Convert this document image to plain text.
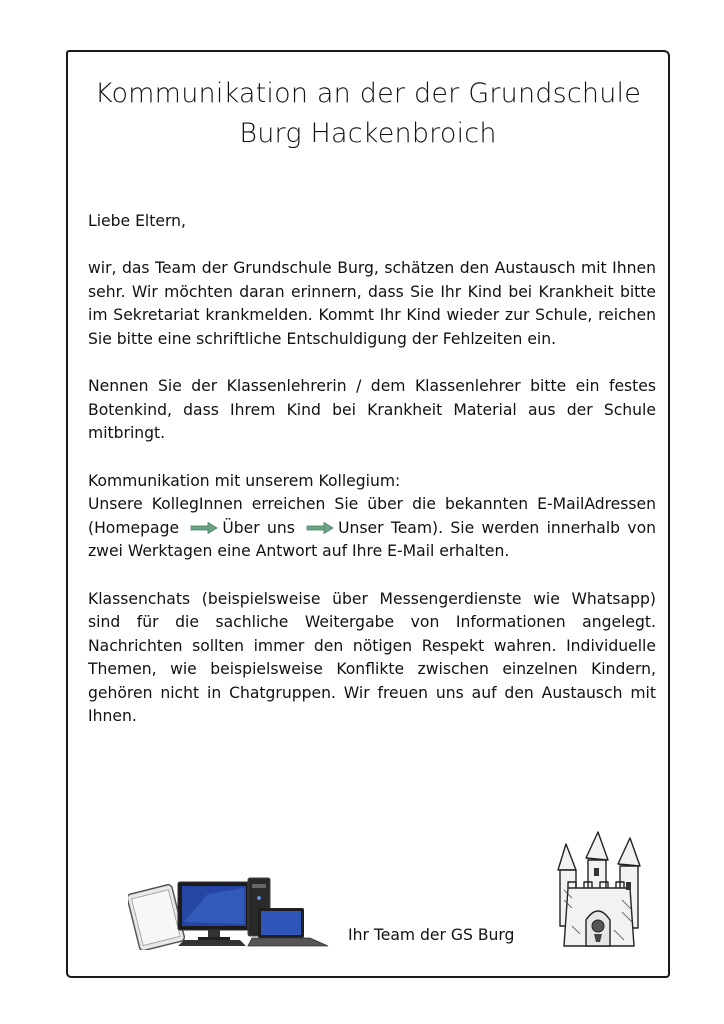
Kommunikation an der der Grundschule
Burg Hackenbroich

Liebe Eltern,

wir, das Team der Grundschule Burg, schätzen den Austausch mit Ihnen sehr. Wir möchten daran erinnern, dass Sie Ihr Kind bei Krankheit bitte im Sekretariat krankmelden. Kommt Ihr Kind wieder zur Schule, reichen Sie bitte eine schriftliche Entschuldigung der Fehlzeiten ein.

Nennen Sie der Klassenlehrerin / dem Klassenlehrer bitte ein festes Botenkind, dass Ihrem Kind bei Krankheit Material aus der Schule mitbringt.

Kommunikation mit unserem Kollegium:
Unsere KollegInnen erreichen Sie über die bekannten E-MailAdressen (Homepage	Über uns	Unser Team). Sie werden innerhalb von zwei Werktagen eine Antwort auf Ihre E-Mail erhalten.

Klassenchats (beispielsweise über Messengerdienste wie Whatsapp) sind für die sachliche Weitergabe von Informationen angelegt. Nachrichten sollten immer den nötigen Respekt wahren. Individuelle Themen, wie beispielsweise Konflikte zwischen einzelnen Kindern, gehören nicht in Chatgruppen. Wir freuen uns auf den Austausch mit Ihnen.

Ihr Team der GS Burg
